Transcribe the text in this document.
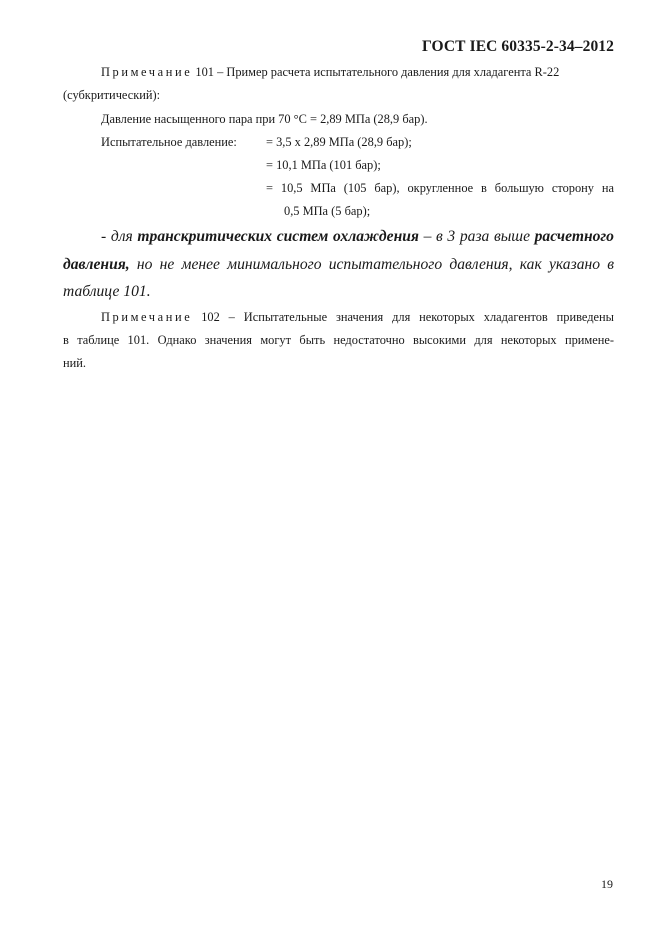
ГОСТ IEC 60335-2-34–2012
Примечание 101 – Пример расчета испытательного давления для хладагента R-22
(субкритический):
Давление насыщенного пара при 70 °C = 2,89 МПа (28,9 бар).
Испытательное давление: = 3,5 x 2,89 МПа (28,9 бар);
= 10,1 МПа (101 бар);
= 10,5 МПа (105 бар), округленное в большую сторону на
0,5 МПа (5 бар);
- для транскритических систем охлаждения – в 3 раза выше расчетного
давления, но не менее минимального испытательного давления, как указано в
таблице 101.
Примечание 102 – Испытательные значения для некоторых хладагентов приведены
в таблице 101. Однако значения могут быть недостаточно высокими для некоторых примене-
ний.
19
